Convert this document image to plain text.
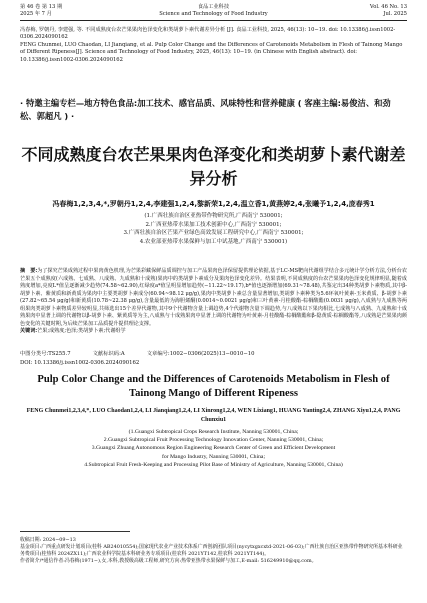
第 46 卷 第 13 期
2025 年 7 月
食品工业科技
Science and Technology of Food Industry
Vol. 46 No. 13
Jul. 2025

冯春梅, 罗朝丹, 李建强, 等. 不同成熟度台农芒果果肉色泽变化和类胡萝卜素代谢差异分析 [J]. 食品工业科技, 2025, 46(13): 10−19. doi: 10.13386/j.issn1002-0306.2024090162

FENG Chunmei, LUO Chaodan, LI Jianqiang, et al. Pulp Color Change and the Differences of Carotenoids Metabolism in Flesh of Tainong Mango of Different Ripeness[J]. Science and Technology of Food Industry, 2025, 46(13): 10−19. (in Chinese with English abstract). doi: 10.13386/j.issn1002-0306.2024090162

· 特邀主编专栏—地方特色食品:加工技术、感官品质、风味特性和营养健康 ( 客座主编:易俊洁、和劲松、郭超凡 ) ·
不同成熟度台农芒果果肉色泽变化和类胡萝卜素代谢差异分析
冯春梅1,2,3,4,*,罗朝丹1,2,4,李建强1,2,4,黎新荣1,2,4,温立香1,黄燕婷2,4,张曦予1,2,4,庞春秀1
(1.广西壮族自治区亚热带作物研究所,广西南宁 530001;
2.广西亚热带水果加工技术创新中心,广西南宁 530001;
3.广西壮族自治区芒果产业绿色高效发展工程研究中心,广西南宁 530001;
4.农业部亚热带水果保鲜与加工中试基地,广西南宁 530001)
摘　要:为了探究芒果成熟过程中果肉黄色机理,为芒果彩藏保鲜品质调控与加工产品果肉色泽保留提供理论依据,基于LC-MS靶向代谢组学结合多元统计学分析方法,分析台农芒果五个成熟度(六成熟、七成熟、八成熟、九成熟和十成熟)果肉中的类胡萝卜素成分及果肉色泽变化差异。结果表明,不同成熟度的台农芒果果肉色泽变化规律明显,随着成熟度增加,亮度L*值呈逐渐减少趋势(74.58~62.90),红绿度a*值呈明显增加趋势(−11.22~19.17),b*值也逐渐增加(69.31~78.48),共鉴定出34种类胡萝卜素物质,其中β-胡萝卜素、紫黄质和新黄质为果肉中主要类胡萝卜素成分(60.94~98.12 μg/g),果肉中类胡萝卜素总含量显著增加,类胡萝卜素种类为5.6环氧叶黄素-玉米黄质、β-胡萝卜素(27.82~65.54 μg/g)和新黄质(10.78~22.38 μg/g),含量最低的为海胆烯酮(0.0014~0.0021 μg/g)和三叶黄素-月桂酸酯-棕榈酸酯(0.0031 μg/g),八成熟与九成熟等两组果肉类胡萝卜素物质差异较明显,共筛选出15个差异代谢物,其中9个代谢物含量上调趋势,4个代谢物含量下调趋势,与八成熟以下果肉相比,七成熟与八成熟、九成熟和十成熟果肉中显著上调的代谢物以β-胡萝卜素、紫黄质等为主,八成熟与十成熟果肉中显著上调的代谢物为叶黄素-月桂酸酯-棕榈酸酯和β-隐黄质-棕榈酸酯等,八成熟是芒果果肉颜色变化的关键时期,为后续芒果加工品质提升提供理论支撑。
关键词:芒果;成熟度;色泽;类胡萝卜素;代谢组学
中图分类号:TS255.7	文献标识码:A	文章编号:1002−0306(2025)13−0010−10
DOI: 10.13386/j.issn1002-0306.2024090162
Pulp Color Change and the Differences of Carotenoids Metabolism in Flesh of Tainong Mango of Different Ripeness
FENG Chunmei1,2,3,4,*, LUO Chaodan1,2,4, LI Jianqiang1,2,4, LI Xinrong1,2,4, WEN Lixiang1, HUANG Yanting2,4, ZHANG Xiyu1,2,4, PANG Chunxiu1
(1.Guangxi Subtropical Crops Research Institute, Nanning 530001, China;
2.Guangxi Subtropical Fruit Processing Technology Innovation Center, Nanning 530001, China;
3.Guangxi Zhuang Autonomous Region Engineering Research Center of Green and Efficient Development
for Mango Industry, Nanning 530001, China;
4.Subtropical Fruit Fresh-Keeping and Processing Pilot Base of Ministry of Agriculture, Nanning 530001, China)

收稿日期: 2024−09−13

基金项目:广西重点研发计划项目(桂科 AB24010554);国家现代农业产业技术体系广西创新团队项目(nycytxgxcxtd-2021-06-03);广西壮族自治区亚热带作物研究所基本科研业务费项目(桂热科 2024ZX11);广西农业科学院基本科研业务专项项目(桂农科 2021YT142,桂农科 2021YT144)。

作者简介/*通信作者:冯春梅(1971−),女,本科,教授级高级工程师,研究方向:热带亚热带水果保鲜与加工,E-mail: 516249910@qq.com。
